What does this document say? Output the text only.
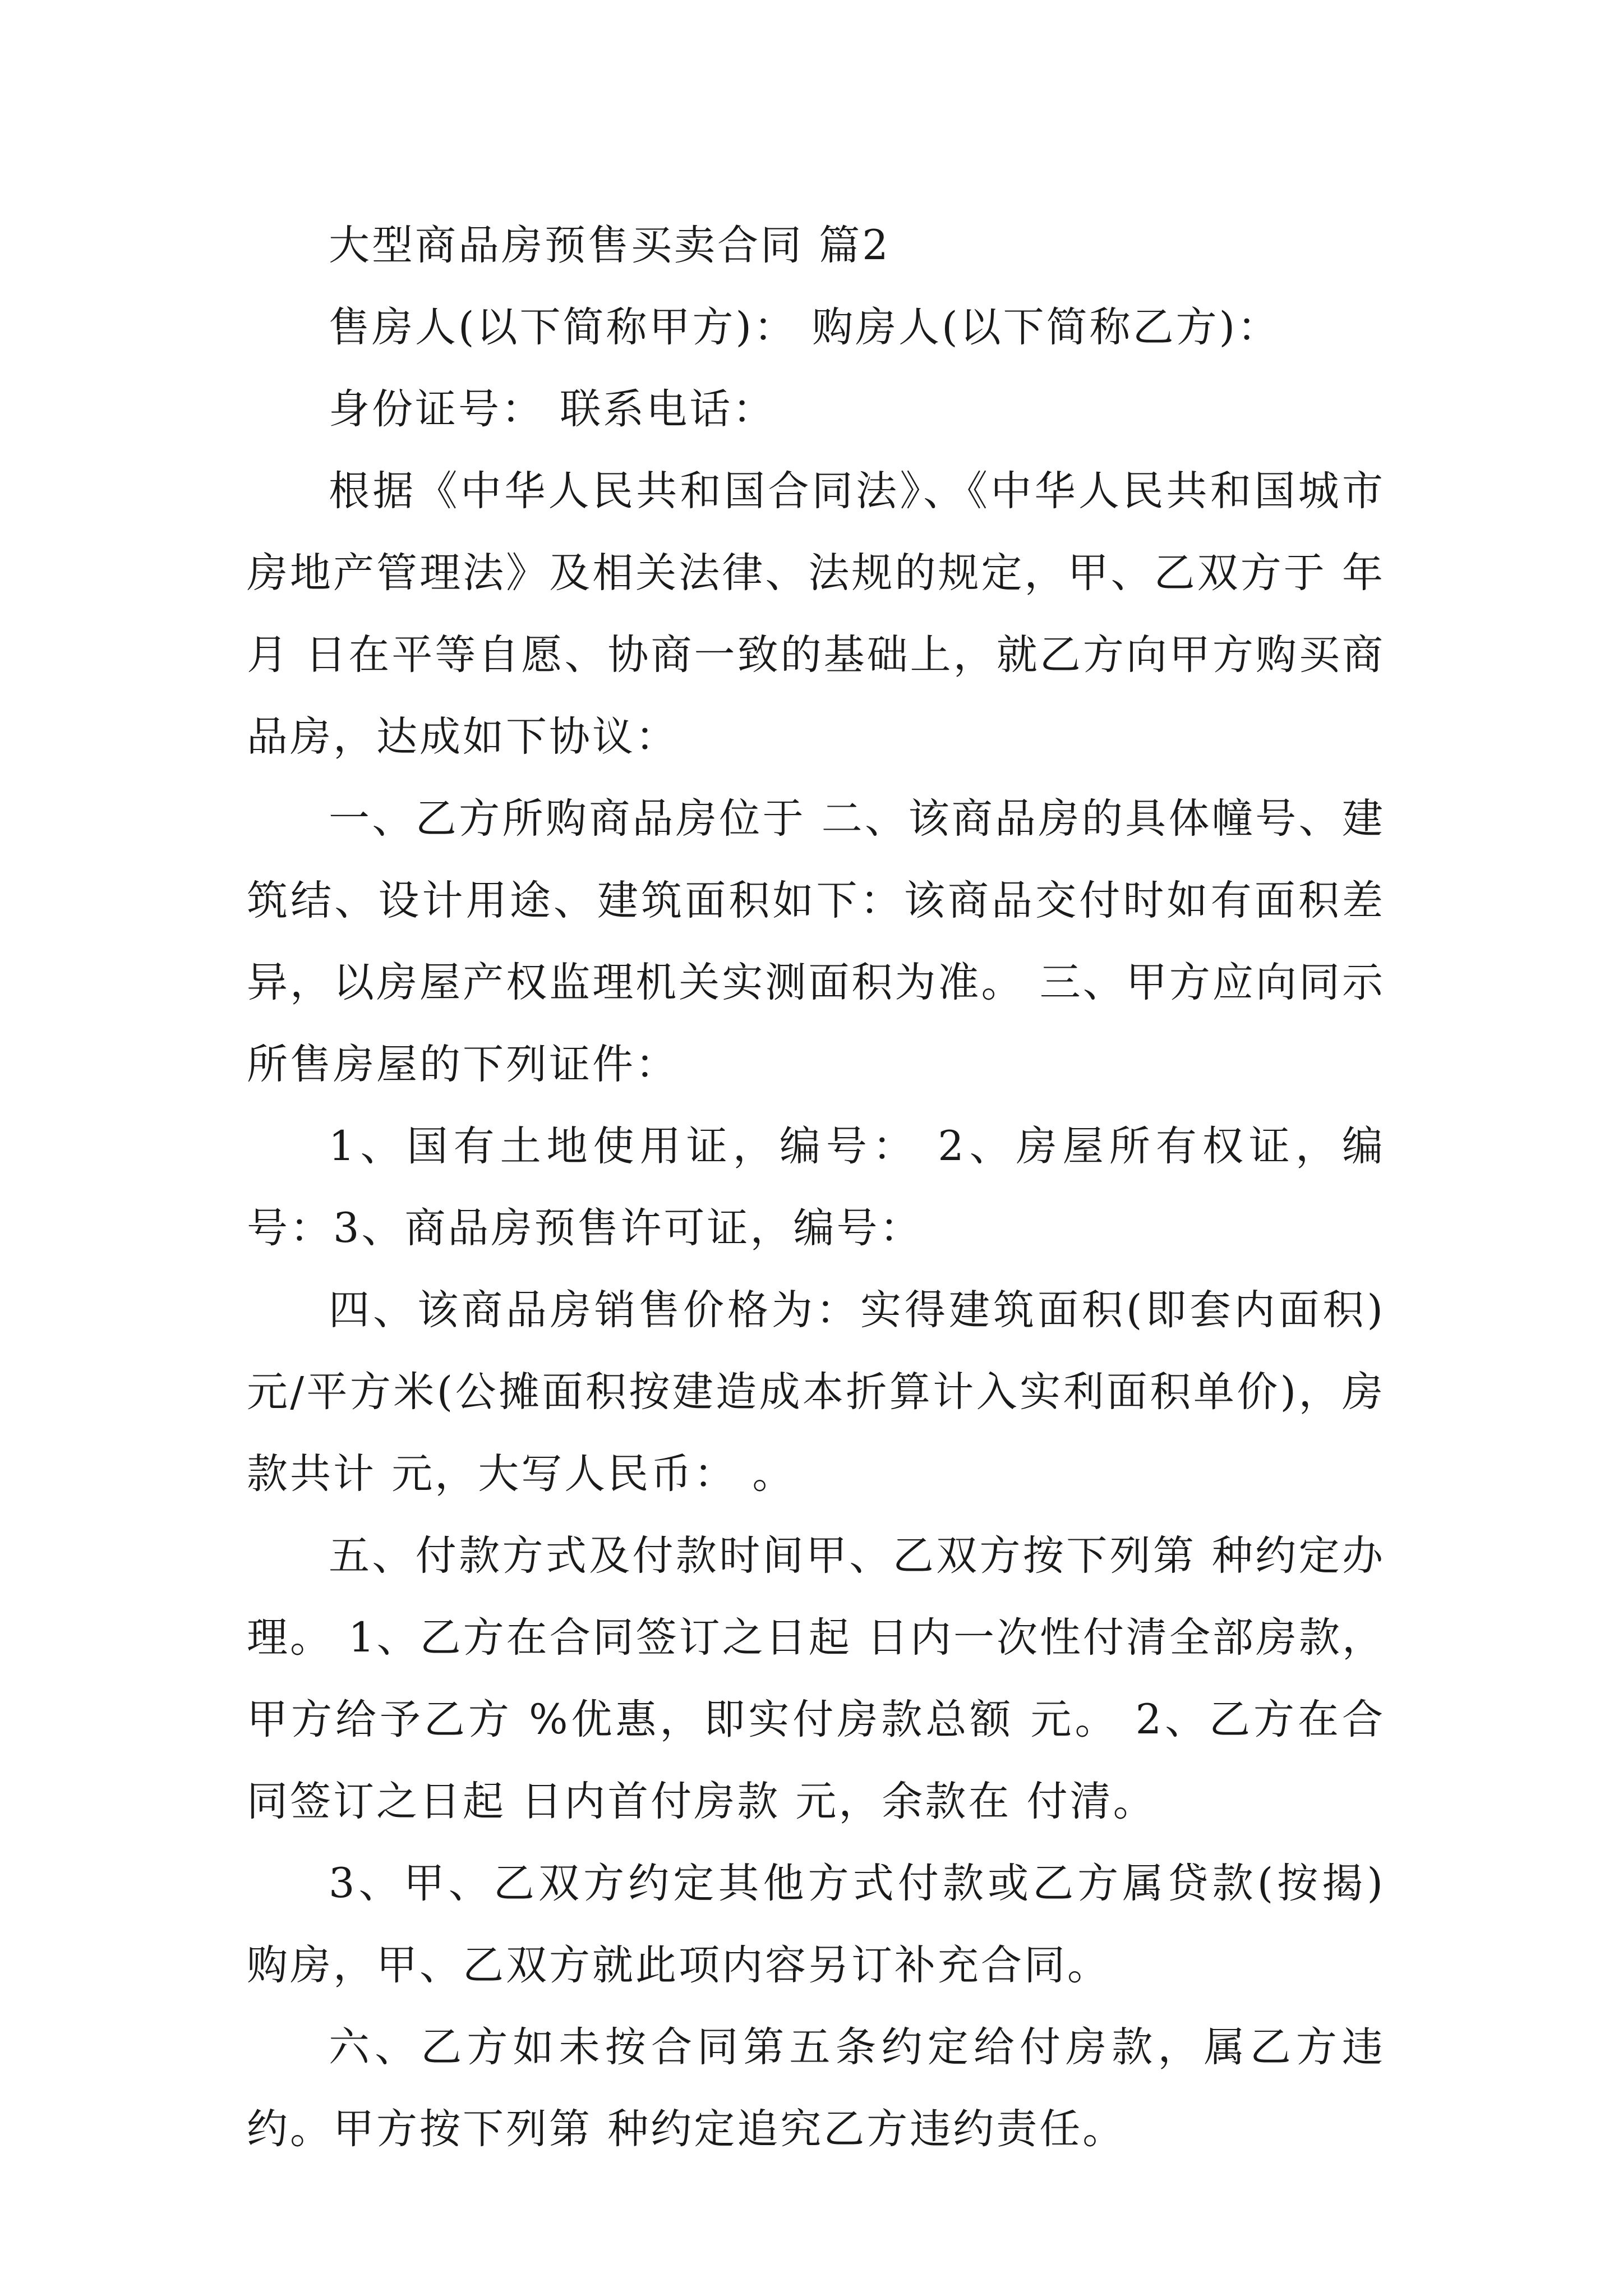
大型商品房预售买卖合同 篇2

售房人(以下简称甲方)： 购房人(以下简称乙方)：

身份证号： 联系电话：

根据《中华人民共和国合同法》、《中华人民共和国城市房地产管理法》及相关法律、法规的规定，甲、乙双方于 年 月 日在平等自愿、协商一致的基础上，就乙方向甲方购买商品房，达成如下协议：

一、乙方所购商品房位于 二、该商品房的具体幢号、建筑结、设计用途、建筑面积如下：该商品交付时如有面积差异，以房屋产权监理机关实测面积为准。 三、甲方应向同示所售房屋的下列证件：

1、国有土地使用证，编号： 2、房屋所有权证，编号：3、商品房预售许可证，编号：

四、该商品房销售价格为：实得建筑面积(即套内面积)元/平方米(公摊面积按建造成本折算计入实利面积单价)，房款共计 元，大写人民币： 。

五、付款方式及付款时间甲、乙双方按下列第 种约定办理。 1、乙方在合同签订之日起 日内一次性付清全部房款，甲方给予乙方 %优惠，即实付房款总额 元。 2、乙方在合同签订之日起 日内首付房款 元，余款在 付清。

3、甲、乙双方约定其他方式付款或乙方属贷款(按揭)购房，甲、乙双方就此项内容另订补充合同。

六、乙方如未按合同第五条约定给付房款，属乙方违约。甲方按下列第 种约定追究乙方违约责任。
